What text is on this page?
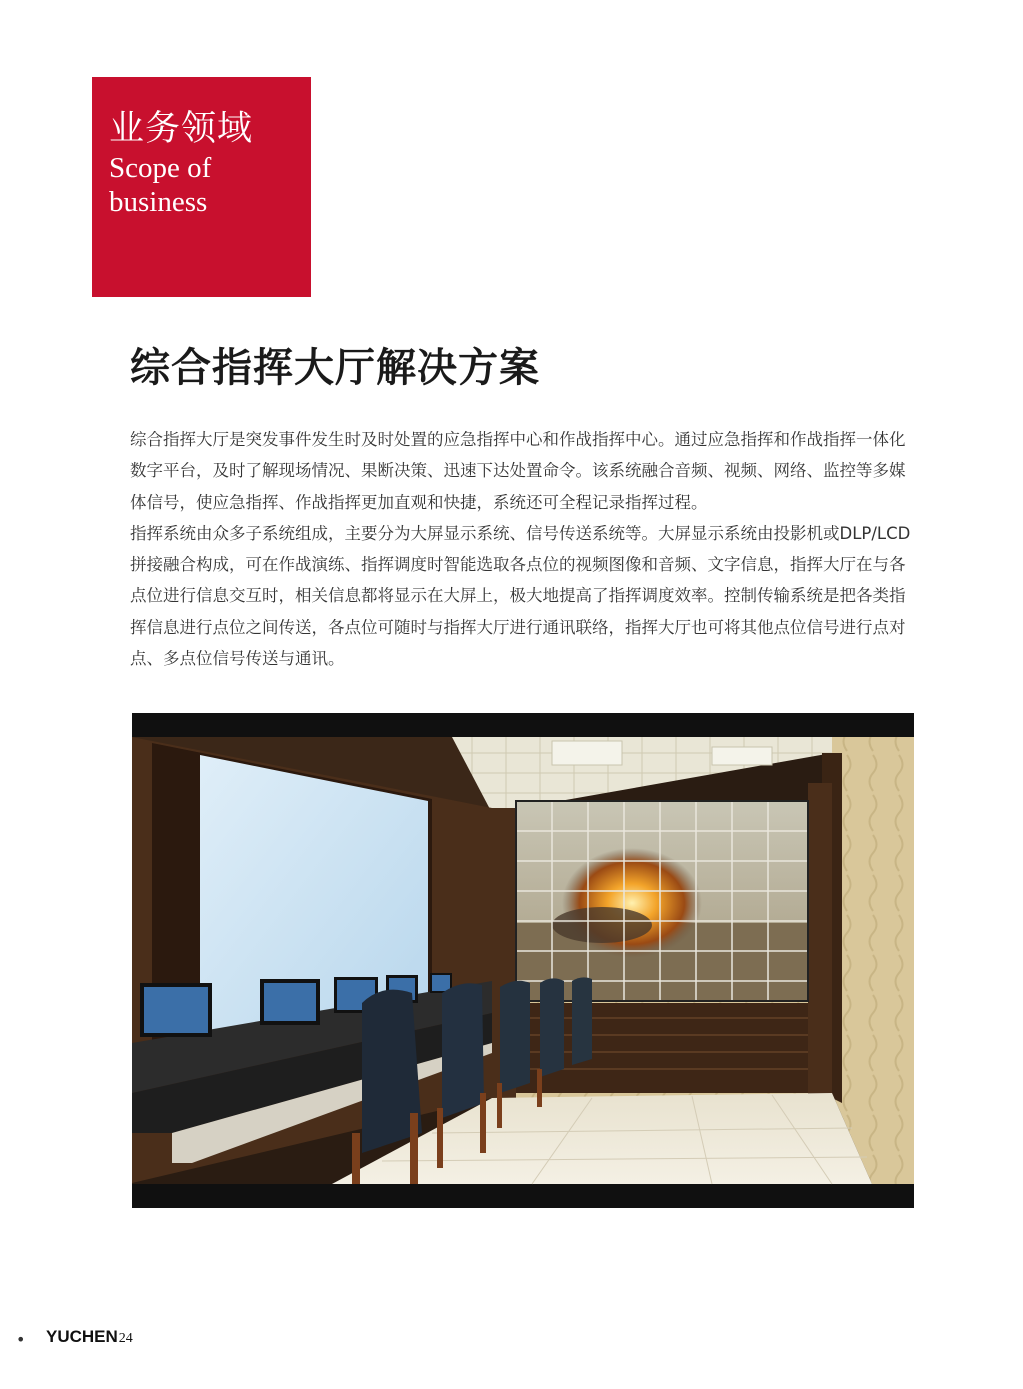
业务领域
Scope of
business
综合指挥大厅解决方案

综合指挥大厅是突发事件发生时及时处置的应急指挥中心和作战指挥中心。通过应急指挥和作战指挥一体化数字平台，及时了解现场情况、果断决策、迅速下达处置命令。该系统融合音频、视频、网络、监控等多媒体信号，使应急指挥、作战指挥更加直观和快捷，系统还可全程记录指挥过程。

指挥系统由众多子系统组成，主要分为大屏显示系统、信号传送系统等。大屏显示系统由投影机或DLP/LCD拼接融合构成，可在作战演练、指挥调度时智能选取各点位的视频图像和音频、文字信息，指挥大厅在与各点位进行信息交互时，相关信息都将显示在大屏上，极大地提高了指挥调度效率。控制传输系统是把各类指挥信息进行点位之间传送，各点位可随时与指挥大厅进行通讯联络，指挥大厅也可将其他点位信号进行点对点、多点位信号传送与通讯。

• YUCHEN24
